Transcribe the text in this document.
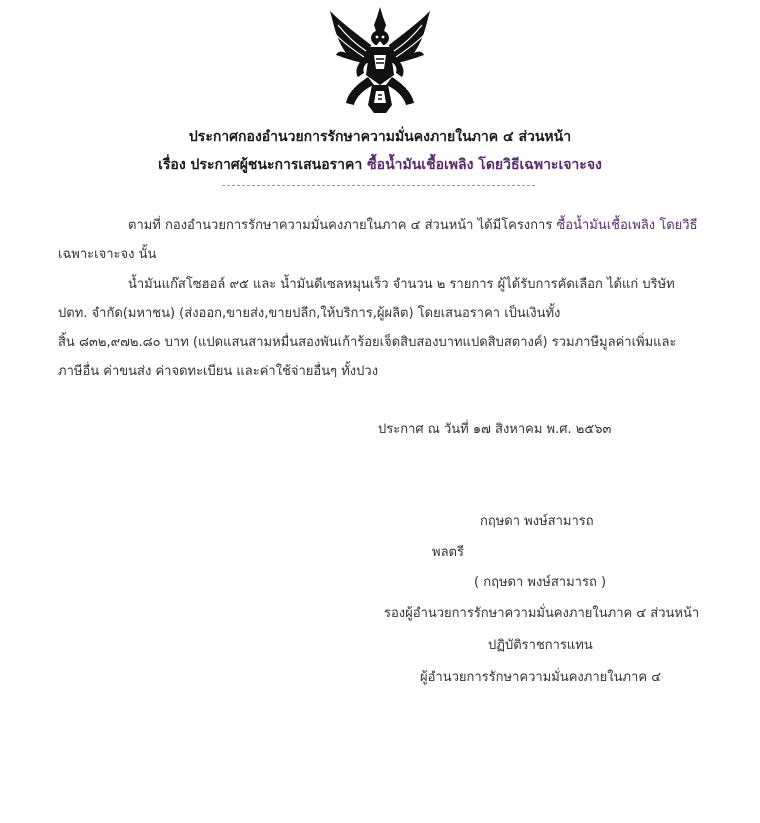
ประกาศกองอำนวยการรักษาความมั่นคงภายในภาค ๔ ส่วนหน้า
เรื่อง ประกาศผู้ชนะการเสนอราคา ซื้อน้ำมันเชื้อเพลิง โดยวิธีเฉพาะเจาะจง
ตามที่ กองอำนวยการรักษาความมั่นคงภายในภาค ๔ ส่วนหน้า ได้มีโครงการ ซื้อน้ำมันเชื้อเพลิง โดยวิธี
เฉพาะเจาะจง นั้น
น้ำมันแก๊สโซฮอล์ ๙๕ และ น้ำมันดีเซลหมุนเร็ว จำนวน ๒ รายการ ผู้ได้รับการคัดเลือก ได้แก่ บริษัท
ปตท. จำกัด(มหาชน) (ส่งออก,ขายส่ง,ขายปลีก,ให้บริการ,ผู้ผลิต) โดยเสนอราคา เป็นเงินทั้ง
สิ้น ๘๓๒,๙๗๒.๘๐ บาท (แปดแสนสามหมื่นสองพันเก้าร้อยเจ็ดสิบสองบาทแปดสิบสตางค์) รวมภาษีมูลค่าเพิ่มและ
ภาษีอื่น ค่าขนส่ง ค่าจดทะเบียน และค่าใช้จ่ายอื่นๆ ทั้งปวง
ประกาศ ณ วันที่ ๑๗ สิงหาคม พ.ศ. ๒๕๖๓
กฤษดา พงษ์สามารถ
พลตรี
( กฤษดา พงษ์สามารถ )
รองผู้อำนวยการรักษาความมั่นคงภายในภาค ๔ ส่วนหน้า
ปฏิบัติราชการแทน
ผู้อำนวยการรักษาความมั่นคงภายในภาค ๔
